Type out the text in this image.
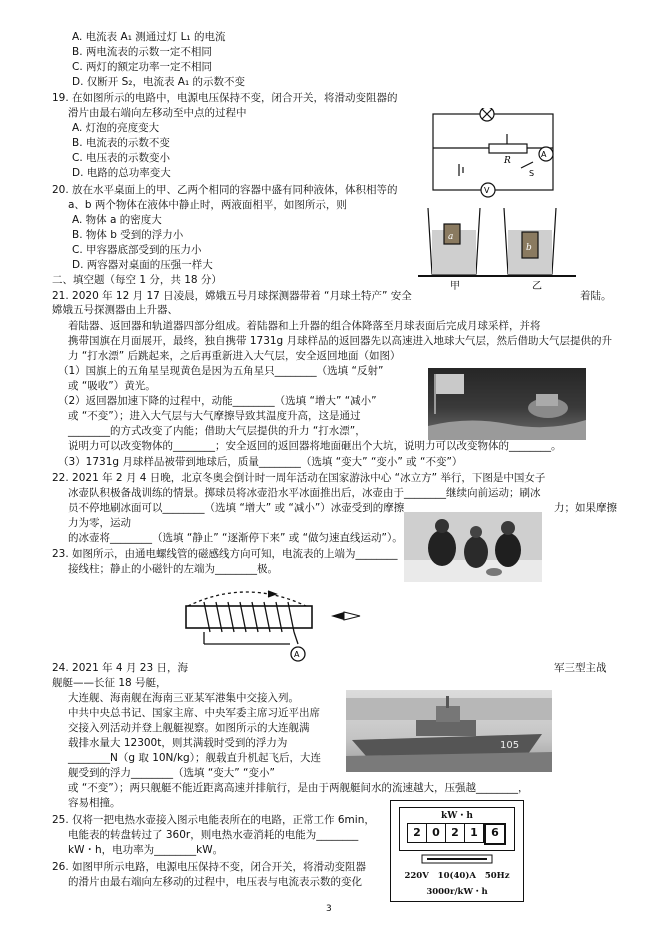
A. 电流表 A₁ 测通过灯 L₁ 的电流
B. 两电流表的示数一定不相同
C. 两灯的额定功率一定不相同
D. 仅断开 S₂，电流表 A₁ 的示数不变
19. 在如图所示的电路中，电源电压保持不变，闭合开关，将滑动变阻器的
滑片由最右端向左移动至中点的过程中
A. 灯泡的亮度变大
B. 电流表的示数不变
C. 电压表的示数变小
D. 电路的总功率变大
R
A
S
V
20. 放在水平桌面上的甲、乙两个相同的容器中盛有同种液体，体积相等的
a、b 两个物体在液体中静止时，两液面相平，如图所示，则
A. 物体 a 的密度大
B. 物体 b 受到的浮力小
C. 甲容器底部受到的压力小
D. 两容器对桌面的压强一样大
a
b
甲	乙
二、填空题（每空 1 分，共 18 分）
21. 2020 年 12 月 17 日凌晨，嫦娥五号月球探测器带着 “月球土特产” 安全	着陆。
嫦娥五号探测器由上升器、
着陆器、返回器和轨道器四部分组成。着陆器和上升器的组合体降落至月球表面后完成月球采样，并将
携带国旗在月面展开，最终，独自携带 1731g 月球样品的返回器先以高速进入地球大气层，然后借助大气层提供的升
力 “打水漂” 后跳起来，之后再重新进入大气层，安全返回地面（如图）
（1）国旗上的五角星呈现黄色是因为五角星只________（选填 “反射”
或 “吸收”）黄光。
（2）返回器加速下降的过程中，动能________（选填 “增大” “减小”
或 “不变”）；进入大气层与大气摩擦导致其温度升高，这是通过
________的方式改变了内能；借助大气层提供的升力 “打水漂”，
说明力可以改变物体的________；安全返回的返回器将地面砸出个大坑，说明力可以改变物体的________。
（3）1731g 月球样品被带到地球后，质量________（选填 “变大” “变小” 或 “不变”）
22. 2021 年 2 月 4 日晚，北京冬奥会倒计时一周年活动在国家游泳中心 “冰立方” 举行，下图是中国女子
冰壶队积极备战训练的情景。掷球员将冰壶沿水平冰面推出后，冰壶由于________继续向前运动；刷冰
员不停地刷冰面可以________（选填 “增大” 或 “减小”）冰壶受到的摩擦	力；如果摩擦
力为零，运动
的冰壶将________（选填 “静止” “逐渐停下来” 或 “做匀速直线运动”）。
23. 如图所示，由通电螺线管的磁感线方向可知，电流表的上端为________
接线柱；静止的小磁针的左端为________极。
A
24. 2021 年 4 月 23 日，海	军三型主战
舰艇——长征 18 号艇，
大连舰、海南舰在海南三亚某军港集中交接入列。
中共中央总书记、国家主席、中央军委主席习近平出席
交接入列活动并登上舰艇视察。如图所示的大连舰满
载排水量大 12300t，则其满载时受到的浮力为
________N（g 取 10N/kg）；舰载直升机起飞后，大连
舰受到的浮力________（选填 “变大” “变小”
或 “不变”）；两只舰艇不能近距离高速并排航行，是由于两舰艇间水的流速越大，压强越________，
容易相撞。
105
25. 仅将一把电热水壶接入图示电能表所在的电路，正常工作 6min，
电能表的转盘转过了 360r，则电热水壶消耗的电能为________
kW・h，电功率为________kW。
kW・h
2	0	2	1	6
220V   10(40)A   50Hz
3000r/kW・h
26. 如图甲所示电路，电源电压保持不变，闭合开关，将滑动变阻器
的滑片由最右端向左移动的过程中，电压表与电流表示数的变化
3
